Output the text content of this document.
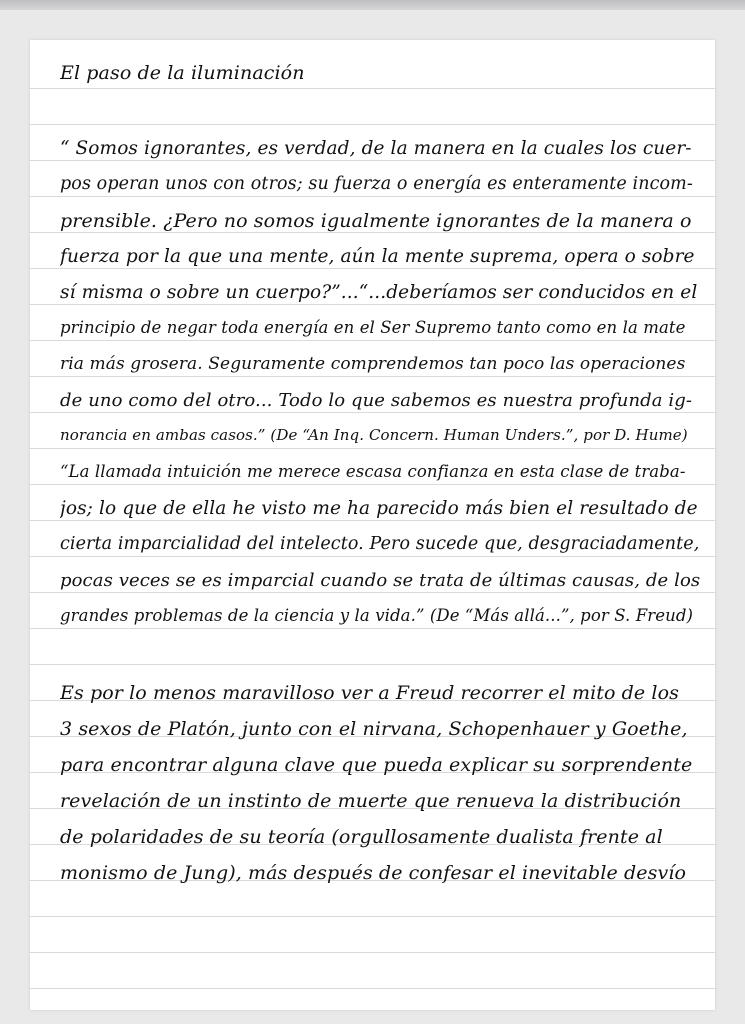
El paso de la iluminación
“ Somos ignorantes, es verdad, de la manera en la cuales los cuer-
pos operan unos con otros; su fuerza o energía es enteramente incom-
prensible. ¿Pero no somos igualmente ignorantes de la manera o
fuerza por la que una mente, aún la mente suprema, opera o sobre
sí misma o sobre un cuerpo?”...“...deberíamos ser conducidos en el
principio de negar toda energía en el Ser Supremo tanto como en la mate
ria más grosera. Seguramente comprendemos tan poco las operaciones
de uno como del otro... Todo lo que sabemos es nuestra profunda ig-
norancia en ambas casos.” (De “An Inq. Concern. Human Unders.”, por D. Hume)
“La llamada intuición me merece escasa confianza en esta clase de traba-
jos; lo que de ella he visto me ha parecido más bien el resultado de
cierta imparcialidad del intelecto. Pero sucede que, desgraciadamente,
pocas veces se es imparcial cuando se trata de últimas causas, de los
grandes problemas de la ciencia y la vida.” (De “Más allá...”, por S. Freud)
Es por lo menos maravilloso ver a Freud recorrer el mito de los
3 sexos de Platón, junto con el nirvana, Schopenhauer y Goethe,
para encontrar alguna clave que pueda explicar su sorprendente
revelación de un instinto de muerte que renueva la distribución
de polaridades de su teoría (orgullosamente dualista frente al
monismo de Jung), más después de confesar el inevitable desvío
